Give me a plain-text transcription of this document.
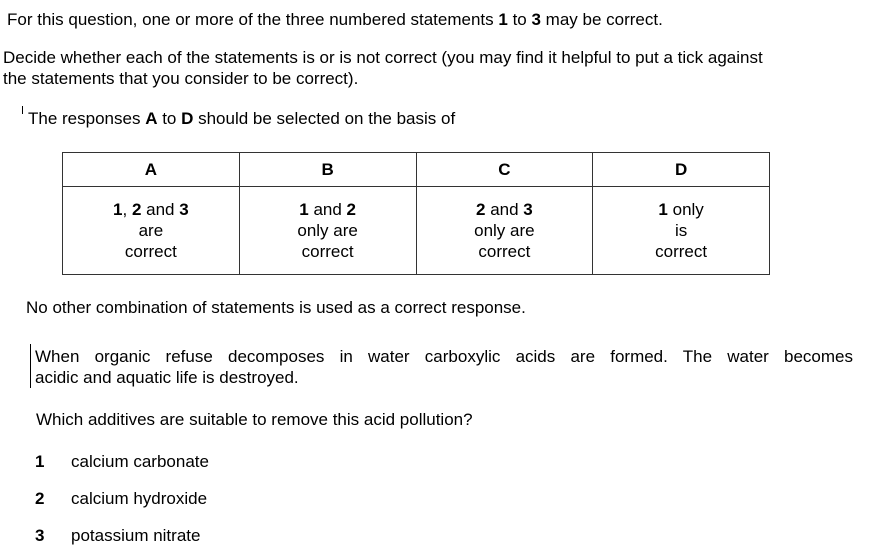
For this question, one or more of the three numbered statements 1 to 3 may be correct.
Decide whether each of the statements is or is not correct (you may find it helpful to put a tick against
the statements that you consider to be correct).
The responses A to D should be selected on the basis of
A	B	C	D

1, 2 and 3
are
correct	1 and 2
only are
correct	2 and 3
only are
correct	1 only
is
correct
No other combination of statements is used as a correct response.
When organic refuse decomposes in water carboxylic acids are formed. The water becomes
acidic and aquatic life is destroyed.
Which additives are suitable to remove this acid pollution?
1 calcium carbonate
2 calcium hydroxide
3 potassium nitrate
